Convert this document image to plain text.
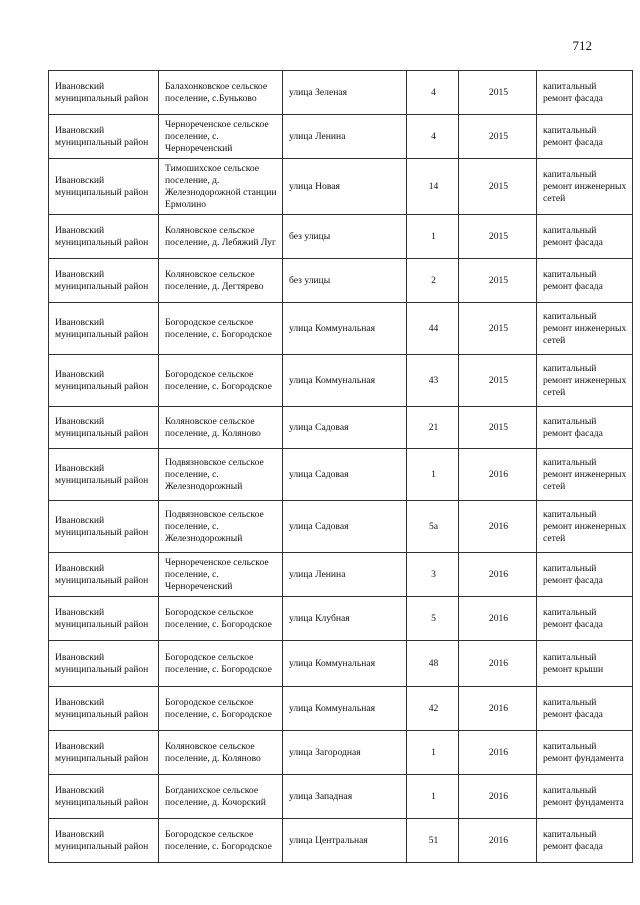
712
Ивановский муниципальный район	Балахонковское сельское поселение, с.Буньково	улица Зеленая	4	2015	капитальный ремонт фасада
Ивановский муниципальный район	Чернореченское сельское поселение, с. Чернореченский	улица Ленина	4	2015	капитальный ремонт фасада
Ивановский муниципальный район	Тимошихское сельское поселение, д. Железнодорожной станции Ермолино	улица Новая	14	2015	капитальный ремонт инженерных сетей
Ивановский муниципальный район	Коляновское сельское поселение, д. Лебяжий Луг	без улицы	1	2015	капитальный ремонт фасада
Ивановский муниципальный район	Коляновское сельское поселение, д. Дегтярево	без улицы	2	2015	капитальный ремонт фасада
Ивановский муниципальный район	Богородское сельское поселение, с. Богородское	улица Коммунальная	44	2015	капитальный ремонт инженерных сетей
Ивановский муниципальный район	Богородское сельское поселение, с. Богородское	улица Коммунальная	43	2015	капитальный ремонт инженерных сетей
Ивановский муниципальный район	Коляновское сельское поселение, д. Коляново	улица Садовая	21	2015	капитальный ремонт фасада
Ивановский муниципальный район	Подвязновское сельское поселение, с. Железнодорожный	улица Садовая	1	2016	капитальный ремонт инженерных сетей
Ивановский муниципальный район	Подвязновское сельское поселение, с. Железнодорожный	улица Садовая	5а	2016	капитальный ремонт инженерных сетей
Ивановский муниципальный район	Чернореченское сельское поселение, с. Чернореченский	улица Ленина	3	2016	капитальный ремонт фасада
Ивановский муниципальный район	Богородское сельское поселение, с. Богородское	улица Клубная	5	2016	капитальный ремонт фасада
Ивановский муниципальный район	Богородское сельское поселение, с. Богородское	улица Коммунальная	48	2016	капитальный ремонт крыши
Ивановский муниципальный район	Богородское сельское поселение, с. Богородское	улица Коммунальная	42	2016	капитальный ремонт фасада
Ивановский муниципальный район	Коляновское сельское поселение, д. Коляново	улица Загородная	1	2016	капитальный ремонт фундамента
Ивановский муниципальный район	Богданихское сельское поселение, д. Кочорский	улица Западная	1	2016	капитальный ремонт фундамента
Ивановский муниципальный район	Богородское сельское поселение, с. Богородское	улица Центральная	51	2016	капитальный ремонт фасада
